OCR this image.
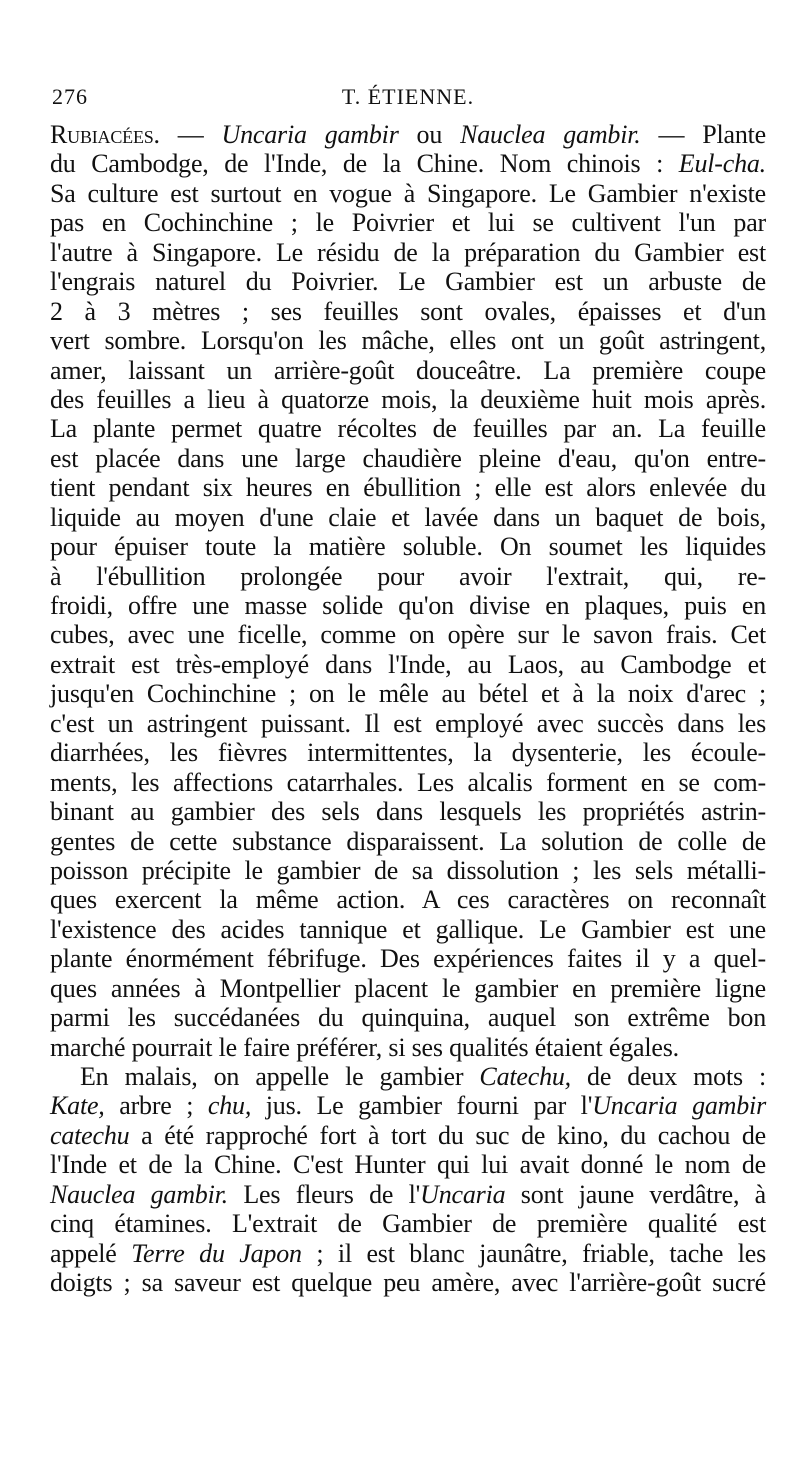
276	T. ÉTIENNE.
Rubiacées. — Uncaria gambir ou Nauclea gambir. — Plante
du Cambodge, de l'Inde, de la Chine. Nom chinois : Eul-cha.
Sa culture est surtout en vogue à Singapore. Le Gambier n'existe
pas en Cochinchine ; le Poivrier et lui se cultivent l'un par
l'autre à Singapore. Le résidu de la préparation du Gambier est
l'engrais naturel du Poivrier. Le Gambier est un arbuste de
2 à 3 mètres ; ses feuilles sont ovales, épaisses et d'un
vert sombre. Lorsqu'on les mâche, elles ont un goût astringent,
amer, laissant un arrière-goût douceâtre. La première coupe
des feuilles a lieu à quatorze mois, la deuxième huit mois après.
La plante permet quatre récoltes de feuilles par an. La feuille
est placée dans une large chaudière pleine d'eau, qu'on entre-
tient pendant six heures en ébullition ; elle est alors enlevée du
liquide au moyen d'une claie et lavée dans un baquet de bois,
pour épuiser toute la matière soluble. On soumet les liquides
à l'ébullition prolongée pour avoir l'extrait, qui, re-
froidi, offre une masse solide qu'on divise en plaques, puis en
cubes, avec une ficelle, comme on opère sur le savon frais. Cet
extrait est très-employé dans l'Inde, au Laos, au Cambodge et
jusqu'en Cochinchine ; on le mêle au bétel et à la noix d'arec ;
c'est un astringent puissant. Il est employé avec succès dans les
diarrhées, les fièvres intermittentes, la dysenterie, les écoule-
ments, les affections catarrhales. Les alcalis forment en se com-
binant au gambier des sels dans lesquels les propriétés astrin-
gentes de cette substance disparaissent. La solution de colle de
poisson précipite le gambier de sa dissolution ; les sels métalli-
ques exercent la même action. A ces caractères on reconnaît
l'existence des acides tannique et gallique. Le Gambier est une
plante énormément fébrifuge. Des expériences faites il y a quel-
ques années à Montpellier placent le gambier en première ligne
parmi les succédanées du quinquina, auquel son extrême bon
marché pourrait le faire préférer, si ses qualités étaient égales.
En malais, on appelle le gambier Catechu, de deux mots :
Kate, arbre ; chu, jus. Le gambier fourni par l'Uncaria gambir
catechu a été rapproché fort à tort du suc de kino, du cachou de
l'Inde et de la Chine. C'est Hunter qui lui avait donné le nom de
Nauclea gambir. Les fleurs de l'Uncaria sont jaune verdâtre, à
cinq étamines. L'extrait de Gambier de première qualité est
appelé Terre du Japon ; il est blanc jaunâtre, friable, tache les
doigts ; sa saveur est quelque peu amère, avec l'arrière-goût sucré
